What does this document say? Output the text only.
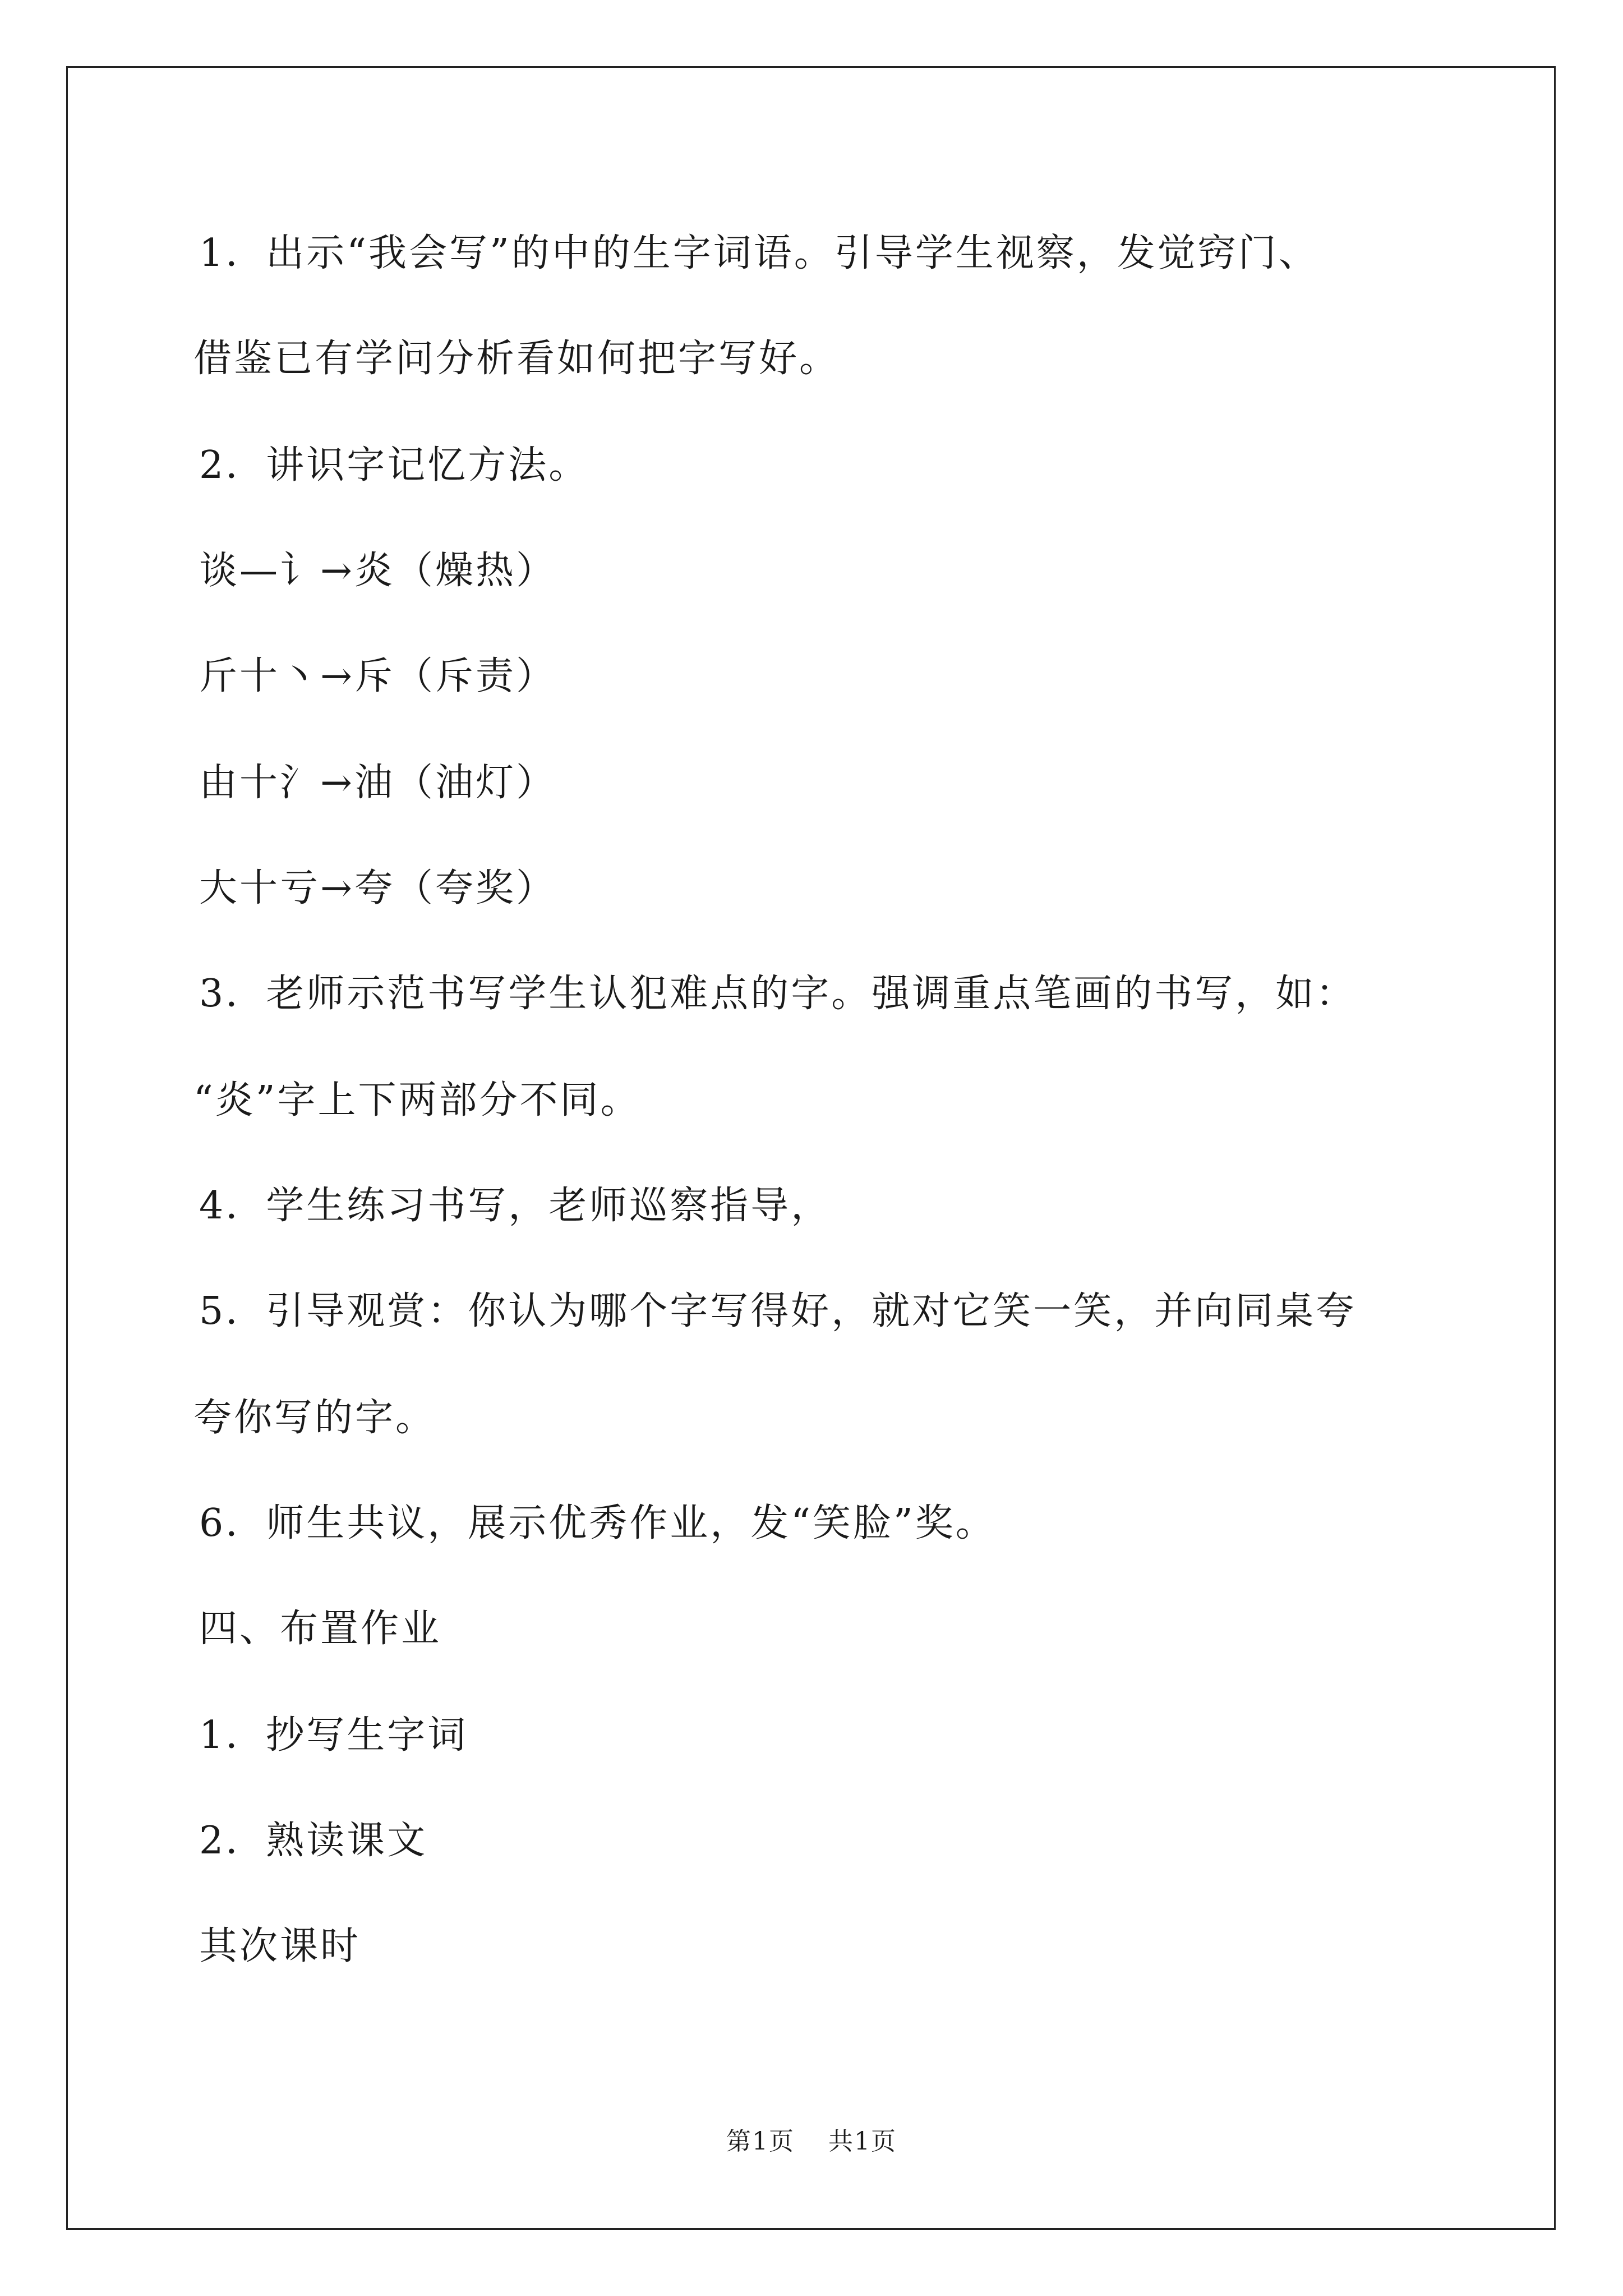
1．出示“我会写”的中的生字词语。引导学生视察，发觉窍门、
借鉴已有学问分析看如何把字写好。
2．讲识字记忆方法。
谈—讠→炎（燥热）
斤十丶→斥（斥责）
由十氵→油（油灯）
大十亏→夸（夸奖）
3．老师示范书写学生认犯难点的字。强调重点笔画的书写，如：
“炎”字上下两部分不同。
4．学生练习书写，老师巡察指导，
5．引导观赏：你认为哪个字写得好，就对它笑一笑，并向同桌夸
夸你写的字。
6．师生共议，展示优秀作业，发“笑脸”奖。
四、布置作业
1．抄写生字词
2．熟读课文
其次课时
第1页 共1页
